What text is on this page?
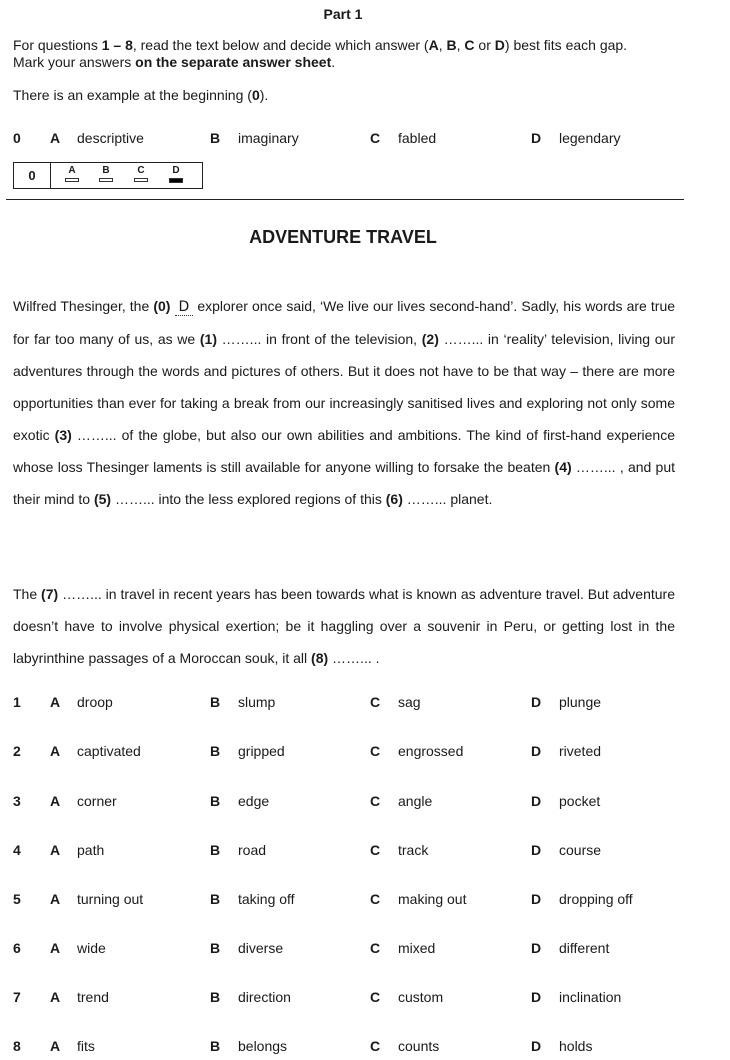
Part 1
For questions 1 – 8, read the text below and decide which answer (A, B, C or D) best fits each gap.
Mark your answers on the separate answer sheet.
There is an example at the beginning (0).
0 A descriptive	B imaginary	C fabled	D legendary
0	A	B	C	D
ADVENTURE TRAVEL
Wilfred Thesinger, the (0) D explorer once said, ‘We live our lives second-hand’. Sadly, his words are true for far too many of us, as we (1) ……... in front of the television, (2) ……... in ‘reality’ television, living our adventures through the words and pictures of others. But it does not have to be that way – there are more opportunities than ever for taking a break from our increasingly sanitised lives and exploring not only some exotic (3) ……... of the globe, but also our own abilities and ambitions. The kind of first-hand experience whose loss Thesinger laments is still available for anyone willing to forsake the beaten (4) ……... , and put their mind to (5) ……... into the less explored regions of this (6) ……... planet.
The (7) ……... in travel in recent years has been towards what is known as adventure travel. But adventure doesn’t have to involve physical exertion; be it haggling over a souvenir in Peru, or getting lost in the labyrinthine passages of a Moroccan souk, it all (8) ……... .
1 A droop	B slump	C sag	D plunge
2 A captivated	B gripped	C engrossed	D riveted
3 A corner	B edge	C angle	D pocket
4 A path	B road	C track	D course
5 A turning out	B taking off	C making out	D dropping off
6 A wide	B diverse	C mixed	D different
7 A trend	B direction	C custom	D inclination
8 A fits	B belongs	C counts	D holds
